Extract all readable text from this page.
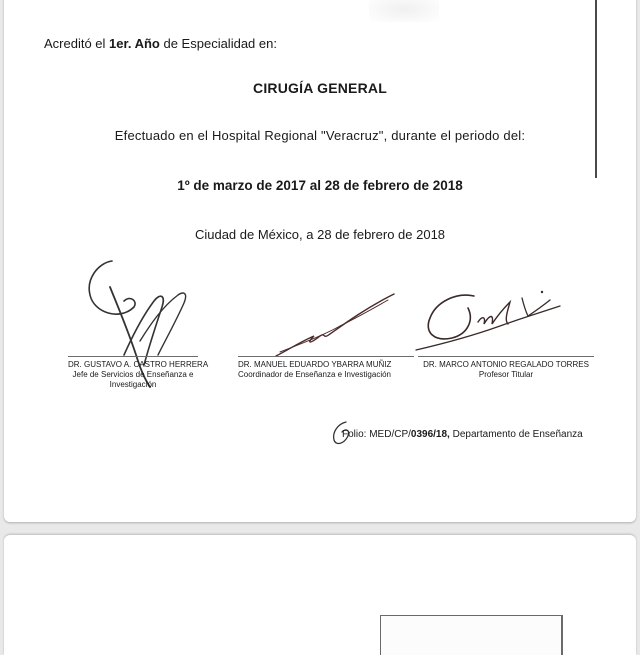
Acreditó el 1er. Año de Especialidad en:
CIRUGÍA GENERAL
Efectuado en el Hospital Regional "Veracruz", durante el periodo del:
1º de marzo de 2017 al 28 de febrero de 2018
Ciudad de México, a 28 de febrero de 2018
DR. GUSTAVO A. CASTRO HERRERA
Jefe de Servicios de Enseñanza e Investigación
DR. MANUEL EDUARDO YBARRA MUÑIZ
Coordinador de Enseñanza e Investigación
DR. MARCO ANTONIO REGALADO TORRES
Profesor Titular
Folio: MED/CP/0396/18, Departamento de Enseñanza
